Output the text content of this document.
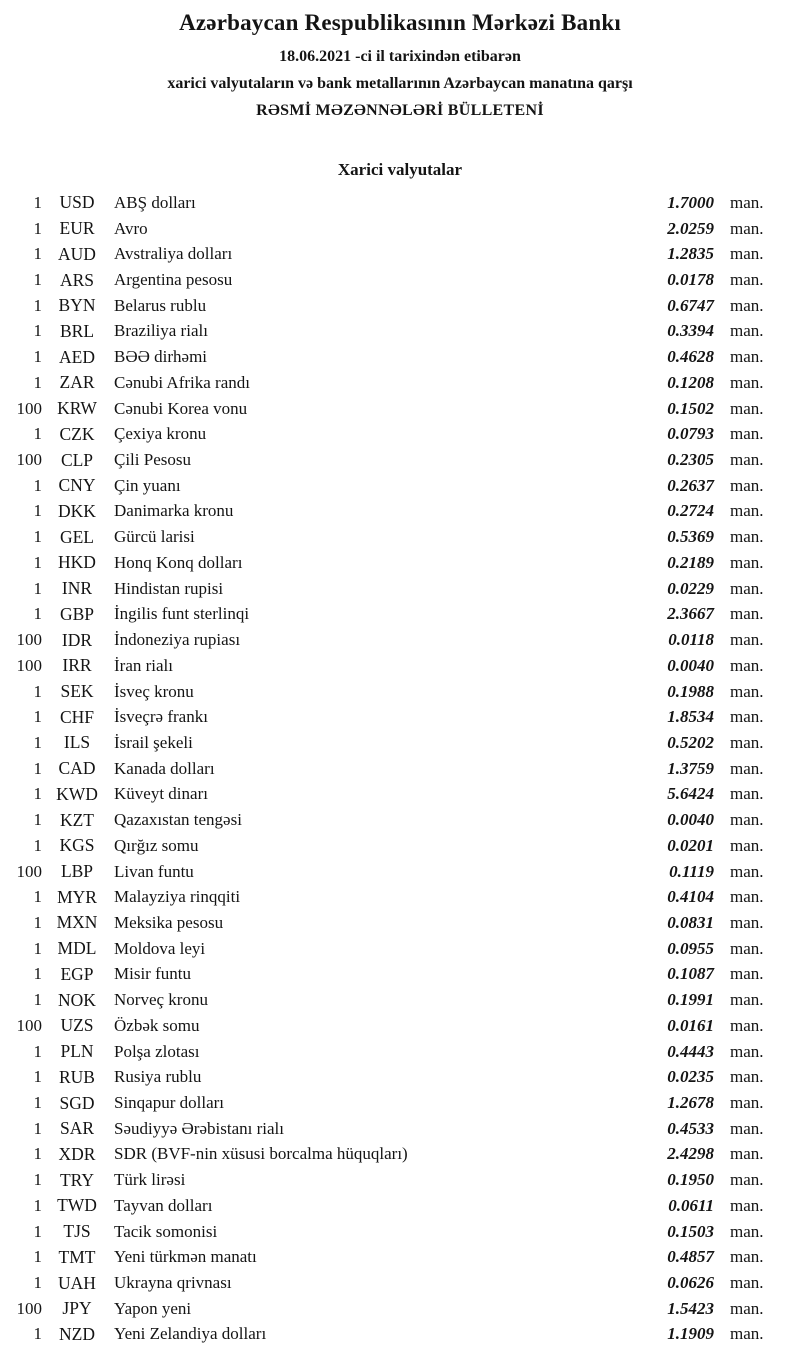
Azərbaycan Respublikasının Mərkəzi Bankı
18.06.2021 -ci il tarixindən etibarən
xarici valyutaların və bank metallarının Azərbaycan manatına qarşı
RƏSMİ MƏZƏNNƏLƏRİ BÜLLETENİ
Xarici valyutalar
1 USD	ABŞ dolları	1.7000 man.
1	EUR	Avro	2.0259 man.
1 AUD	Avstraliya dolları	1.2835 man.
1	ARS	Argentina pesosu	0.0178 man.
1 BYN	Belarus rublu	0.6747 man.
1	BRL	Braziliya rialı	0.3394 man.
1 AED	BƏƏ dirhəmi	0.4628 man.
1	ZAR	Cənubi Afrika randı	0.1208 man.
100 KRW	Cənubi Korea vonu	0.1502 man.
1	CZK	Çexiya kronu	0.0793 man.
100	CLP	Çili Pesosu	0.2305 man.
1 CNY	Çin yuanı	0.2637 man.
1 DKK	Danimarka kronu	0.2724 man.
1	GEL	Gürcü larisi	0.5369 man.
1 HKD	Honq Konq dolları	0.2189 man.
1	INR	Hindistan rupisi	0.0229 man.
1	GBP	İngilis funt sterlinqi	2.3667 man.
100	IDR	İndoneziya rupiası	0.0118 man.
100	IRR	İran rialı	0.0040 man.
1	SEK	İsveç kronu	0.1988 man.
1	CHF	İsveçrə frankı	1.8534 man.
1	ILS	İsrail şekeli	0.5202 man.
1 CAD	Kanada dolları	1.3759 man.
1 KWD Küveyt dinarı	5.6424 man.
1	KZT	Qazaxıstan tengəsi	0.0040 man.
1 KGS	Qırğız somu	0.0201 man.
100	LBP	Livan funtu	0.1119 man.
1 MYR	Malayziya rinqqiti	0.4104 man.
1 MXN Meksika pesosu	0.0831 man.
1 MDL	Moldova leyi	0.0955 man.
1	EGP	Misir funtu	0.1087 man.
1 NOK	Norveç kronu	0.1991 man.
100	UZS	Özbək somu	0.0161 man.
1	PLN	Polşa zlotası	0.4443 man.
1 RUB	Rusiya rublu	0.0235 man.
1 SGD	Sinqapur dolları	1.2678 man.
1	SAR	Səudiyyə Ərəbistanı rialı	0.4533 man.
1 XDR	SDR (BVF-nin xüsusi borcalma hüquqları)	2.4298 man.
1	TRY	Türk lirəsi	0.1950 man.
1 TWD	Tayvan dolları	0.0611 man.
1	TJS	Tacik somonisi	0.1503 man.
1 TMT	Yeni türkmən manatı	0.4857 man.
1 UAH	Ukrayna qrivnası	0.0626 man.
100	JPY	Yapon yeni	1.5423 man.
1 NZD	Yeni Zelandiya dolları	1.1909 man.
